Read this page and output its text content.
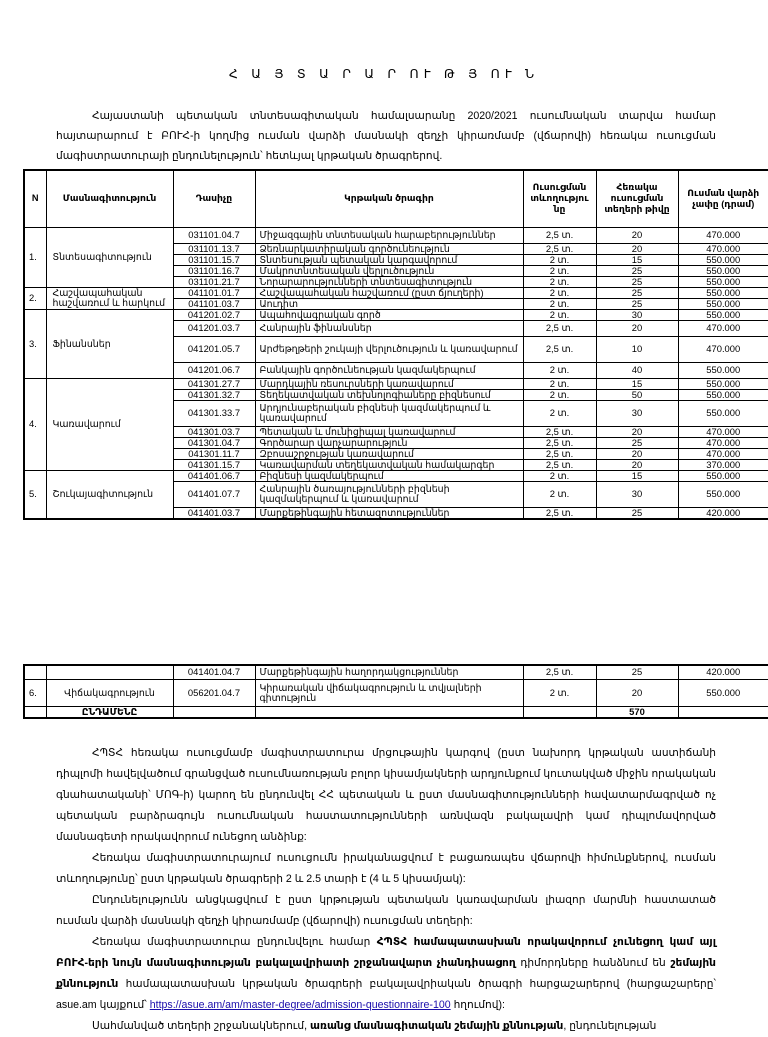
Հ Ա Յ Տ Ա Ր Ա Ր ՈՒ Թ Յ ՈՒ Ն

Հայաստանի պետական տնտեսագիտական համալսարանը 2020/2021 ուսումնական տարվա համար հայտարարում է ԲՈՒՀ-ի կողմից ուսման վարձի մասնակի զեղչի կիրառմամբ (վճարովի) հեռակա ուսուցման մագիստրատուրայի ընդունելություն՝ հետևյալ կրթական ծրագրերով.

N	Մասնագիտություն	Դասիչը	Կրթական ծրագիր	Ուսուցման տևողությու նը	Հեռակա ուսուցման տեղերի թիվը	Ուսման վարձի չափը (դրամ)
1.	Տնտեսագիտություն	031101.04.7	Միջազգային տնտեսական հարաբերություններ	2,5 տ.	20	470.000
		031101.13.7	Ձեռնարկատիրական գործունեություն	2,5 տ.	20	470.000
		031101.15.7	Տնտեսության պետական կարգավորում	2 տ.	15	550.000
		031101.16.7	Մակրոտնտեսական վերլուծություն	2 տ.	25	550.000
		031101.21.7	Նորարարությունների տնտեսագիտություն	2 տ.	25	550.000
2.	Հաշվապահական հաշվառում և հարկում	041101.01.7	Հաշվապահական հաշվառում (ըստ ճյուղերի)	2 տ.	25	550.000
		041101.03.7	Աուդիտ	2 տ.	25	550.000
3.	Ֆինանսներ	041201.02.7	Ապահովագրական գործ	2 տ.	30	550.000
		041201.03.7	Հանրային ֆինանսներ	2,5 տ.	20	470.000
		041201.05.7	Արժեթղթերի շուկայի վերլուծություն և կառավարում	2,5 տ.	10	470.000
		041201.06.7	Բանկային գործունեության կազմակերպում	2 տ.	40	550.000
4.	Կառավարում	041301.27.7	Մարդկային ռեսուրսների կառավարում	2 տ.	15	550.000
		041301.32.7	Տեղեկատվական տեխնոլոգիաները բիզնեսում	2 տ.	50	550.000
		041301.33.7	Արդյունաբերական բիզնեսի կազմակերպում և կառավարում	2 տ.	30	550.000
		041301.03.7	Պետական և մունիցիպալ կառավարում	2,5 տ.	20	470.000
		041301.04.7	Գործարար վարչարարություն	2,5 տ.	25	470.000
		041301.11.7	Զբոսաշրջության կառավարում	2,5 տ.	20	470.000
		041301.15.7	Կառավարման տեղեկատվական համակարգեր	2,5 տ.	20	370.000
5.	Շուկայագիտություն	041401.06.7	Բիզնեսի կազմակերպում	2 տ.	15	550.000
		041401.07.7	Հանրային ծառայությունների բիզնեսի կազմակերպում և կառավարում	2 տ.	30	550.000
		041401.03.7	Մարքեթինգային հետազոտություններ	2,5 տ.	25	420.000
		041401.04.7	Մարքեթինգային հաղորդակցություններ	2,5 տ.	25	420.000
6.	Վիճակագրություն	056201.04.7	Կիրառական վիճակագրություն և տվյալների գիտություն	2 տ.	20	550.000
	ԸՆԴԱՄԵՆԸ				570	

ՀՊՏՀ հեռակա ուսուցմամբ մագիստրատուրա մրցութային կարգով (ըստ նախորդ կրթական աստիճանի դիպլոմի հավելվածում գրանցված ուսումնառության բոլոր կիսամյակների արդյունքում կուտակված միջին որակական գնահատականի՝ ՄՈԳ-ի) կարող են ընդունվել ՀՀ պետական և ըստ մասնագիտությունների հավատարմագրված ոչ պետական բարձրագույն ուսումնական հաստատությունների առնվազն բակալավրի կամ դիպլոմավորված մասնագետի որակավորում ունեցող անձինք:

Հեռակա մագիստրատուրայում ուսուցումն իրականացվում է բացառապես վճարովի հիմունքներով, ուսման տևողությունը՝ ըստ կրթական ծրագրերի 2 և 2.5 տարի է (4 և 5 կիսամյակ):

Ընդունելությունն անցկացվում է ըստ կրթության պետական կառավարման լիազոր մարմնի հաստատած ուսման վարձի մասնակի զեղչի կիրառմամբ (վճարովի) ուսուցման տեղերի:

Հեռակա մագիստրատուրա ընդունվելու համար ՀՊՏՀ համապատասխան որակավորում չունեցող կամ այլ ԲՈՒՀ-երի նույն մասնագիտության բակալավրիատի շրջանավարտ չհանդիսացող դիմորդները հանձնում են շեմային քննություն համապատասխան կրթական ծրագրերի բակալավրիական ծրագրի հարցաշարերով (հարցաշարերը՝ asue.am կայքում՝ https://asue.am/am/master-degree/admission-questionnaire-100 հղումով):

Սահմանված տեղերի շրջանակներում, առանց մասնագիտական շեմային քննության, ընդունելության
